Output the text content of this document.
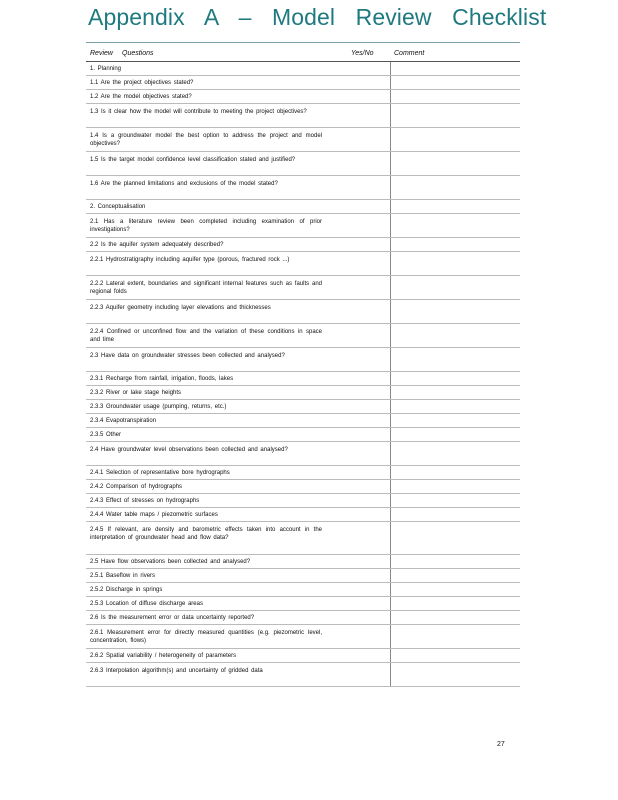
Appendix A – Model Review Checklist
Review Questions	Yes/No	Comment
1. Planning
1.1 Are the project objectives stated?
1.2 Are the model objectives stated?
1.3 Is it clear how the model will contribute to meeting the project objectives?
1.4 Is a groundwater model the best option to address the project and model objectives?
1.5 Is the target model confidence level classification stated and justified?
1.6 Are the planned limitations and exclusions of the model stated?
2. Conceptualisation
2.1 Has a literature review been completed including examination of prior investigations?
2.2 Is the aquifer system adequately described?
2.2.1 Hydrostratigraphy including aquifer type (porous, fractured rock ...)
2.2.2 Lateral extent, boundaries and significant internal features such as faults and regional folds
2.2.3 Aquifer geometry including layer elevations and thicknesses
2.2.4 Confined or unconfined flow and the variation of these conditions in space and time
2.3 Have data on groundwater stresses been collected and analysed?
2.3.1 Recharge from rainfall, irrigation, floods, lakes
2.3.2 River or lake stage heights
2.3.3 Groundwater usage (pumping, returns, etc.)
2.3.4 Evapotranspiration
2.3.5 Other
2.4 Have groundwater level observations been collected and analysed?
2.4.1 Selection of representative bore hydrographs
2.4.2 Comparison of hydrographs
2.4.3 Effect of stresses on hydrographs
2.4.4 Water table maps / piezometric surfaces
2.4.5 If relevant, are density and barometric effects taken into account in the interpretation of groundwater head and flow data?
2.5 Have flow observations been collected and analysed?
2.5.1 Baseflow in rivers
2.5.2 Discharge in springs
2.5.3 Location of diffuse discharge areas
2.6 Is the measurement error or data uncertainty reported?
2.6.1 Measurement error for directly measured quantities (e.g. piezometric level, concentration, flows)
2.6.2 Spatial variability / heterogeneity of parameters
2.6.3 Interpolation algorithm(s) and uncertainty of gridded data
27
